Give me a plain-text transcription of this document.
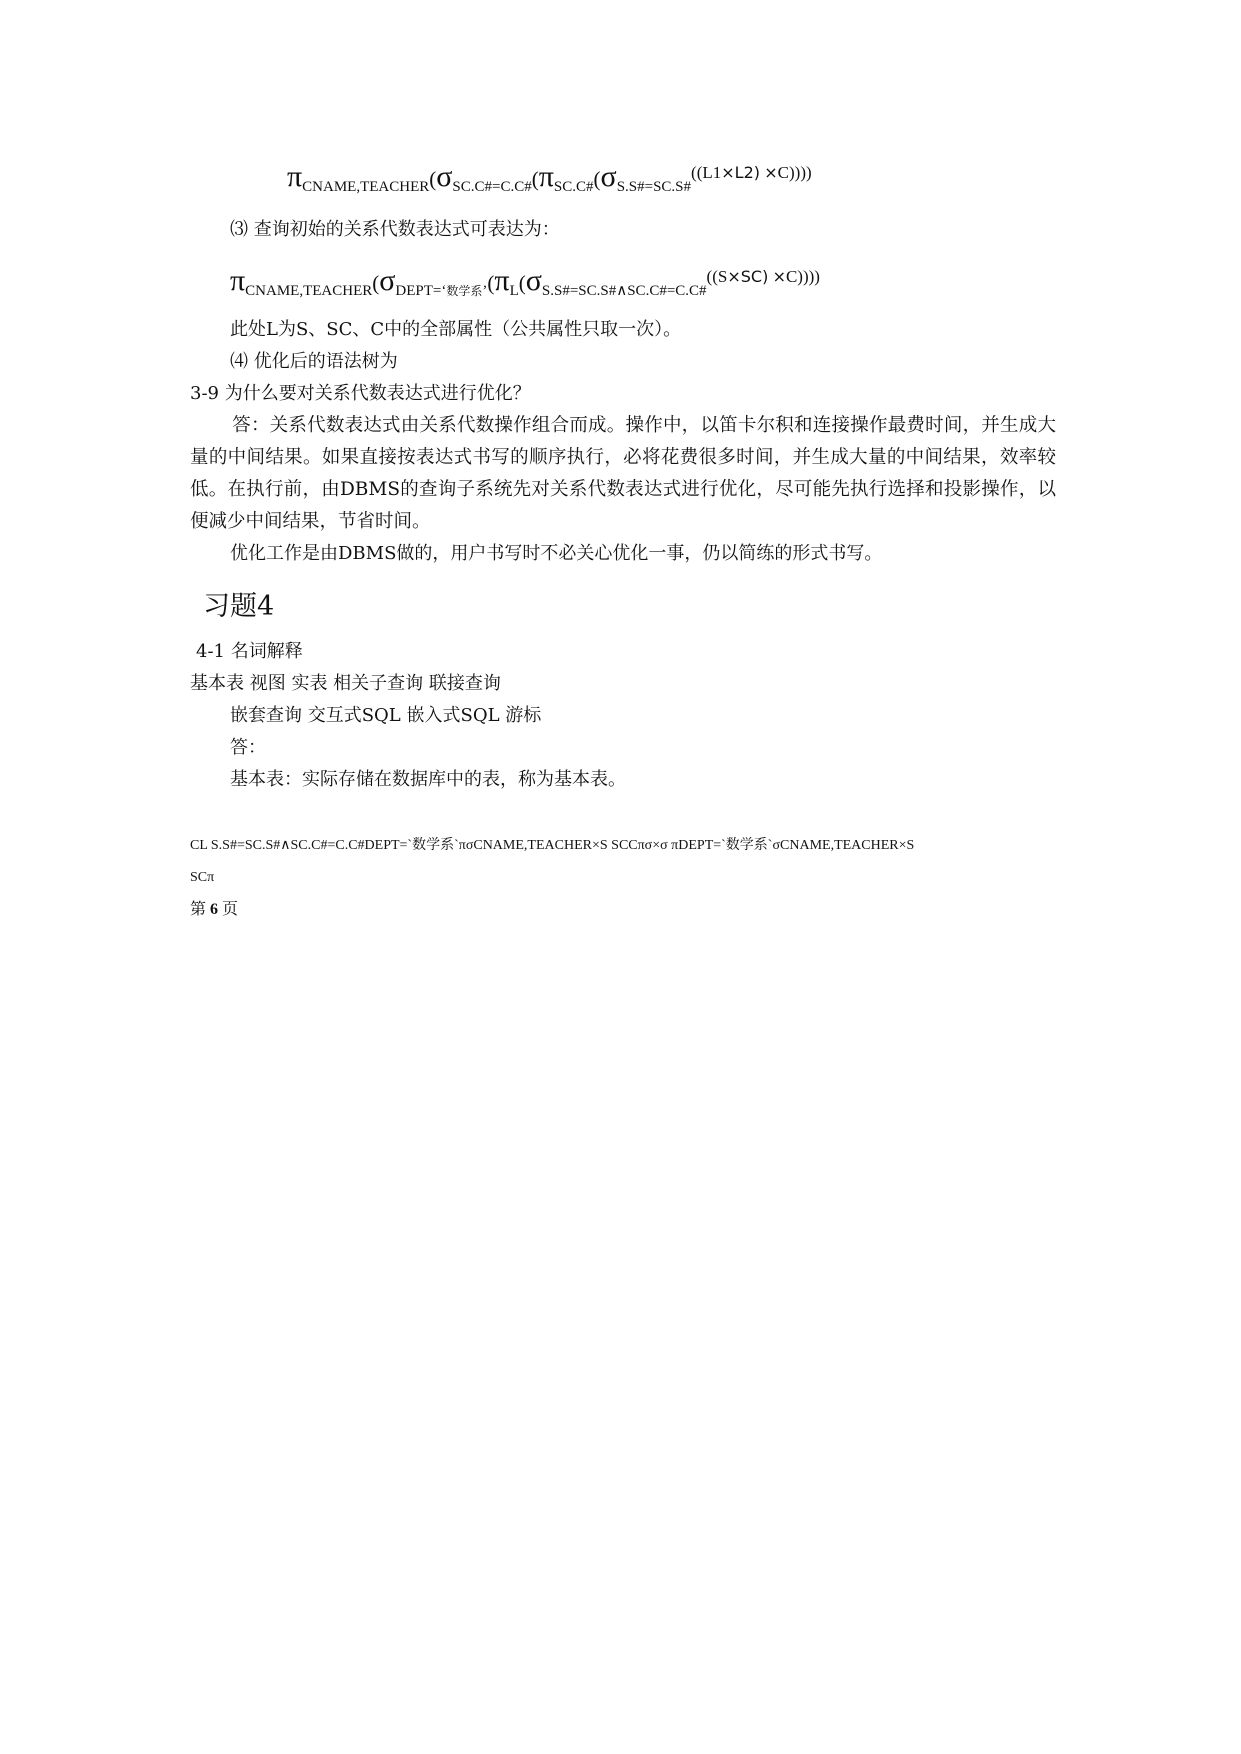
$\pi_{CNAME,TEACHER}(\sigma_{SC.C\#=C.C\#}(\pi_{SC.C\#}(\sigma_{S.S\#=SC.S\#}^{((L1\times L2) \times C))))}$
⑶ 查询初始的关系代数表达式可表达为：
$\pi_{CNAME,TEACHER}(\sigma_{DEPT=‘数学系’}(\pi_L(\sigma_{S.S\#=SC.S\#\wedge SC.C\#=C.C\#}^{((S\times SC) \times C))))}$
此处L为S、SC、C中的全部属性（公共属性只取一次）。
⑷ 优化后的语法树为
3-9 为什么要对关系代数表达式进行优化？
答：关系代数表达式由关系代数操作组合而成。操作中，以笛卡尔积和连接操作最费时间，并生成大量的中间结果。如果直接按表达式书写的顺序执行，必将花费很多时间，并生成大量的中间结果，效率较低。在执行前，由DBMS的查询子系统先对关系代数表达式进行优化，尽可能先执行选择和投影操作，以便减少中间结果，节省时间。
优化工作是由DBMS做的，用户书写时不必关心优化一事，仍以简练的形式书写。
习题4
4-1 名词解释
基本表 视图 实表 相关子查询 联接查询
嵌套查询 交互式SQL 嵌入式SQL 游标
答：
基本表：实际存储在数据库中的表，称为基本表。
CL S.S#=SC.S#∧SC.C#=C.C#DEPT=`数学系`πσCNAME,TEACHER×S SCCπσ×σ πDEPT=`数学系`σCNAME,TEACHER×S
SCπ
第 6 页
